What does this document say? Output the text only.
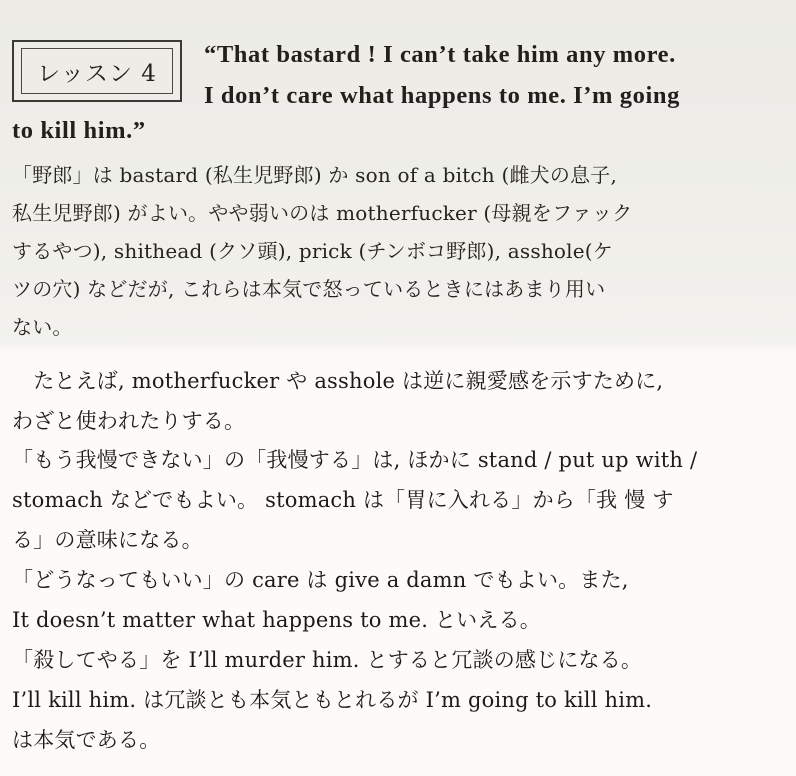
レッスン 4
“That bastard ! I can’t take him any more.
I don’t care what happens to me. I’m going
to kill him.”
「野郎」は bastard (私生児野郎) か son of a bitch (雌犬の息子,
私生児野郎) がよい。やや弱いのは motherfucker (母親をファック
するやつ), shithead (クソ頭), prick (チンボコ野郎), asshole(ケ
ツの穴) などだが, これらは本気で怒っているときにはあまり用い
ない。
　たとえば, motherfucker や asshole は逆に親愛感を示すために,
わざと使われたりする。
「もう我慢できない」の「我慢する」は, ほかに stand / put up with /
stomach などでもよい。 stomach は「胃に入れる」から「我 慢 す
る」の意味になる。
「どうなってもいい」の care は give a damn でもよい。また,
It doesn’t matter what happens to me. といえる。
「殺してやる」を I’ll murder him. とすると冗談の感じになる。
I’ll kill him. は冗談とも本気ともとれるが I’m going to kill him.
は本気である。
